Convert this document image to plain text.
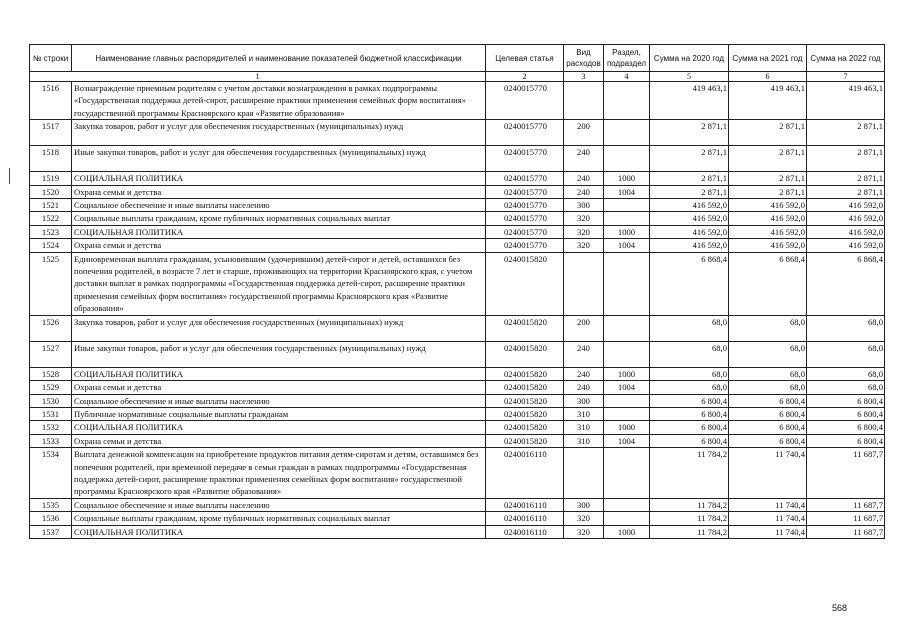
№ строки	Наименование главных распорядителей и наименование показателей бюджетной классификации	Целевая статья	Вид расходов	Раздел, подраздел	Сумма на 2020 год	Сумма на 2021 год	Сумма на 2022 год
1		2	3	4	5	6	7
1516	Вознаграждение приемным родителям с учетом доставки вознаграждения в рамках подпрограммы «Государственная поддержка детей-сирот, расширение практики применения семейных форм воспитания» государственной программы Красноярского края «Развитие образования»	0240015770			419 463,1	419 463,1	419 463,1
1517	Закупка товаров, работ и услуг для обеспечения государственных (муниципальных) нужд	0240015770	200		2 871,1	2 871,1	2 871,1
1518	Иные закупки товаров, работ и услуг для обеспечения государственных (муниципальных) нужд	0240015770	240		2 871,1	2 871,1	2 871,1
1519	СОЦИАЛЬНАЯ ПОЛИТИКА	0240015770	240	1000	2 871,1	2 871,1	2 871,1
1520	Охрана семьи и детства	0240015770	240	1004	2 871,1	2 871,1	2 871,1
1521	Социальное обеспечение и иные выплаты населению	0240015770	300		416 592,0	416 592,0	416 592,0
1522	Социальные выплаты гражданам, кроме публичных нормативных социальных выплат	0240015770	320		416 592,0	416 592,0	416 592,0
1523	СОЦИАЛЬНАЯ ПОЛИТИКА	0240015770	320	1000	416 592,0	416 592,0	416 592,0
1524	Охрана семьи и детства	0240015770	320	1004	416 592,0	416 592,0	416 592,0
1525	Единовременная выплата гражданам, усыновившим (удочерившим) детей-сирот и детей, оставшихся без попечения родителей, в возрасте 7 лет и старше, проживающих на территории Красноярского края, с учетом доставки выплат в рамках подпрограммы «Государственная поддержка детей-сирот, расширение практики применения семейных форм воспитания» государственной программы Красноярского края «Развитие образования»	0240015820			6 868,4	6 868,4	6 868,4
1526	Закупка товаров, работ и услуг для обеспечения государственных (муниципальных) нужд	0240015820	200		68,0	68,0	68,0
1527	Иные закупки товаров, работ и услуг для обеспечения государственных (муниципальных) нужд	0240015820	240		68,0	68,0	68,0
1528	СОЦИАЛЬНАЯ ПОЛИТИКА	0240015820	240	1000	68,0	68,0	68,0
1529	Охрана семьи и детства	0240015820	240	1004	68,0	68,0	68,0
1530	Социальное обеспечение и иные выплаты населению	0240015820	300		6 800,4	6 800,4	6 800,4
1531	Публичные нормативные социальные выплаты гражданам	0240015820	310		6 800,4	6 800,4	6 800,4
1532	СОЦИАЛЬНАЯ ПОЛИТИКА	0240015820	310	1000	6 800,4	6 800,4	6 800,4
1533	Охрана семьи и детства	0240015820	310	1004	6 800,4	6 800,4	6 800,4
1534	Выплата денежной компенсации на приобретение продуктов питания детям-сиротам и детям, оставшимся без попечения родителей, при временной передаче в семьи граждан в рамках подпрограммы «Государственная поддержка детей-сирот, расширение практики применения семейных форм воспитания» государственной программы Красноярского края «Развитие образования»	0240016110			11 784,2	11 740,4	11 687,7
1535	Социальное обеспечение и иные выплаты населению	0240016110	300		11 784,2	11 740,4	11 687,7
1536	Социальные выплаты гражданам, кроме публичных нормативных социальных выплат	0240016110	320		11 784,2	11 740,4	11 687,7
1537	СОЦИАЛЬНАЯ ПОЛИТИКА	0240016110	320	1000	11 784,2	11 740,4	11 687,7
568
